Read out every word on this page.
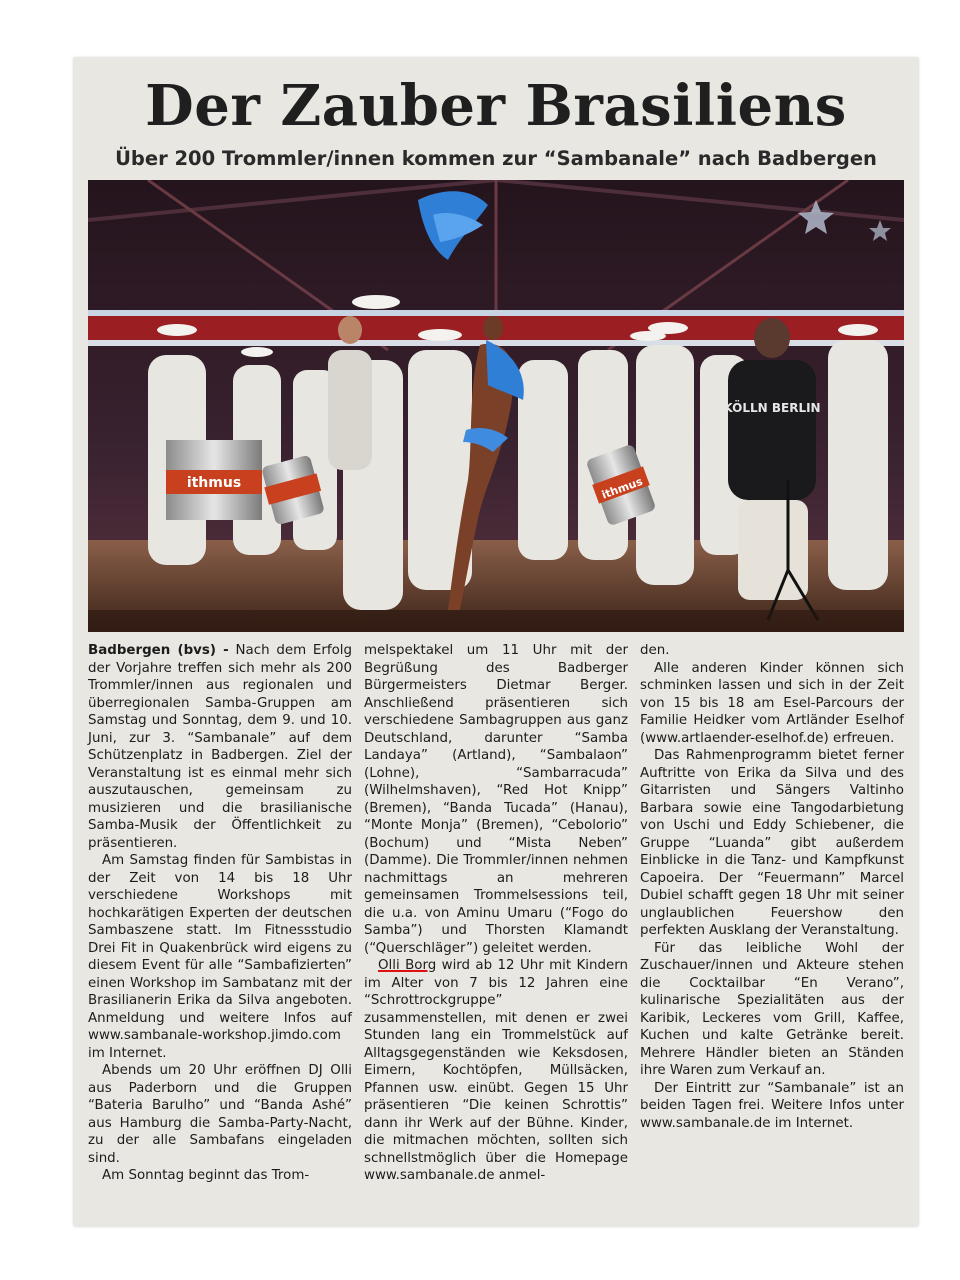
Der Zauber Brasiliens
Über 200 Trommler/innen kommen zur “Sambanale” nach Badbergen
ithmus	ithmus
KÖLLN BERLIN

Badbergen (bvs) - Nach dem Erfolg der Vorjahre treffen sich mehr als 200 Trommler/innen aus regionalen und überregionalen Samba-Gruppen am Samstag und Sonntag, dem 9. und 10. Juni, zur 3. “Sambanale” auf dem Schützenplatz in Badbergen. Ziel der Veranstaltung ist es einmal mehr sich auszutauschen, gemeinsam zu musizieren und die brasilianische Samba-Musik der Öffentlichkeit zu präsentieren.

Am Samstag finden für Sambistas in der Zeit von 14 bis 18 Uhr verschiedene Workshops mit hochkarätigen Experten der deutschen Sambaszene statt. Im Fitnessstudio Drei Fit in Quakenbrück wird eigens zu diesem Event für alle “Sambafizierten” einen Workshop im Sambatanz mit der Brasilianerin Erika da Silva angeboten. Anmeldung und weitere Infos auf www.sambanale-workshop.jimdo.com im Internet.

Abends um 20 Uhr eröffnen DJ Olli aus Paderborn und die Gruppen “Bateria Barulho” und “Banda Ashé” aus Hamburg die Samba-Party-Nacht, zu der alle Sambafans eingeladen sind.

Am Sonntag beginnt das Trom-

melspektakel um 11 Uhr mit der Begrüßung des Badberger Bürgermeisters Dietmar Berger. Anschließend präsentieren sich verschiedene Sambagruppen aus ganz Deutschland, darunter “Samba Landaya” (Artland), “Sambalaon” (Lohne), “Sambarracuda” (Wilhelmshaven), “Red Hot Knipp” (Bremen), “Banda Tucada” (Hanau), “Monte Monja” (Bremen), “Cebolorio” (Bochum) und “Mista Neben” (Damme). Die Trommler/innen nehmen nachmittags an mehreren gemeinsamen Trommelsessions teil, die u.a. von Aminu Umaru (“Fogo do Samba”) und Thorsten Klamandt (“Querschläger”) geleitet werden.

Olli Borg wird ab 12 Uhr mit Kindern im Alter von 7 bis 12 Jahren eine “Schrottrockgruppe” zusammenstellen, mit denen er zwei Stunden lang ein Trommelstück auf Alltagsgegenständen wie Keksdosen, Eimern, Kochtöpfen, Müllsäcken, Pfannen usw. einübt. Gegen 15 Uhr präsentieren “Die keinen Schrottis” dann ihr Werk auf der Bühne. Kinder, die mitmachen möchten, sollten sich schnellstmöglich über die Homepage www.sambanale.de anmel-

den.

Alle anderen Kinder können sich schminken lassen und sich in der Zeit von 15 bis 18 am Esel-Parcours der Familie Heidker vom Artländer Eselhof (www.artlaender-eselhof.de) erfreuen.

Das Rahmenprogramm bietet ferner Auftritte von Erika da Silva und des Gitarristen und Sängers Valtinho Barbara sowie eine Tangodarbietung von Uschi und Eddy Schiebener, die Gruppe “Luanda” gibt außerdem Einblicke in die Tanz- und Kampfkunst Capoeira. Der “Feuermann” Marcel Dubiel schafft gegen 18 Uhr mit seiner unglaublichen Feuershow den perfekten Ausklang der Veranstaltung.

Für das leibliche Wohl der Zuschauer/innen und Akteure stehen die Cocktailbar “En Verano”, kulinarische Spezialitäten aus der Karibik, Leckeres vom Grill, Kaffee, Kuchen und kalte Getränke bereit. Mehrere Händler bieten an Ständen ihre Waren zum Verkauf an.

Der Eintritt zur “Sambanale” ist an beiden Tagen frei. Weitere Infos unter www.sambanale.de im Internet.
